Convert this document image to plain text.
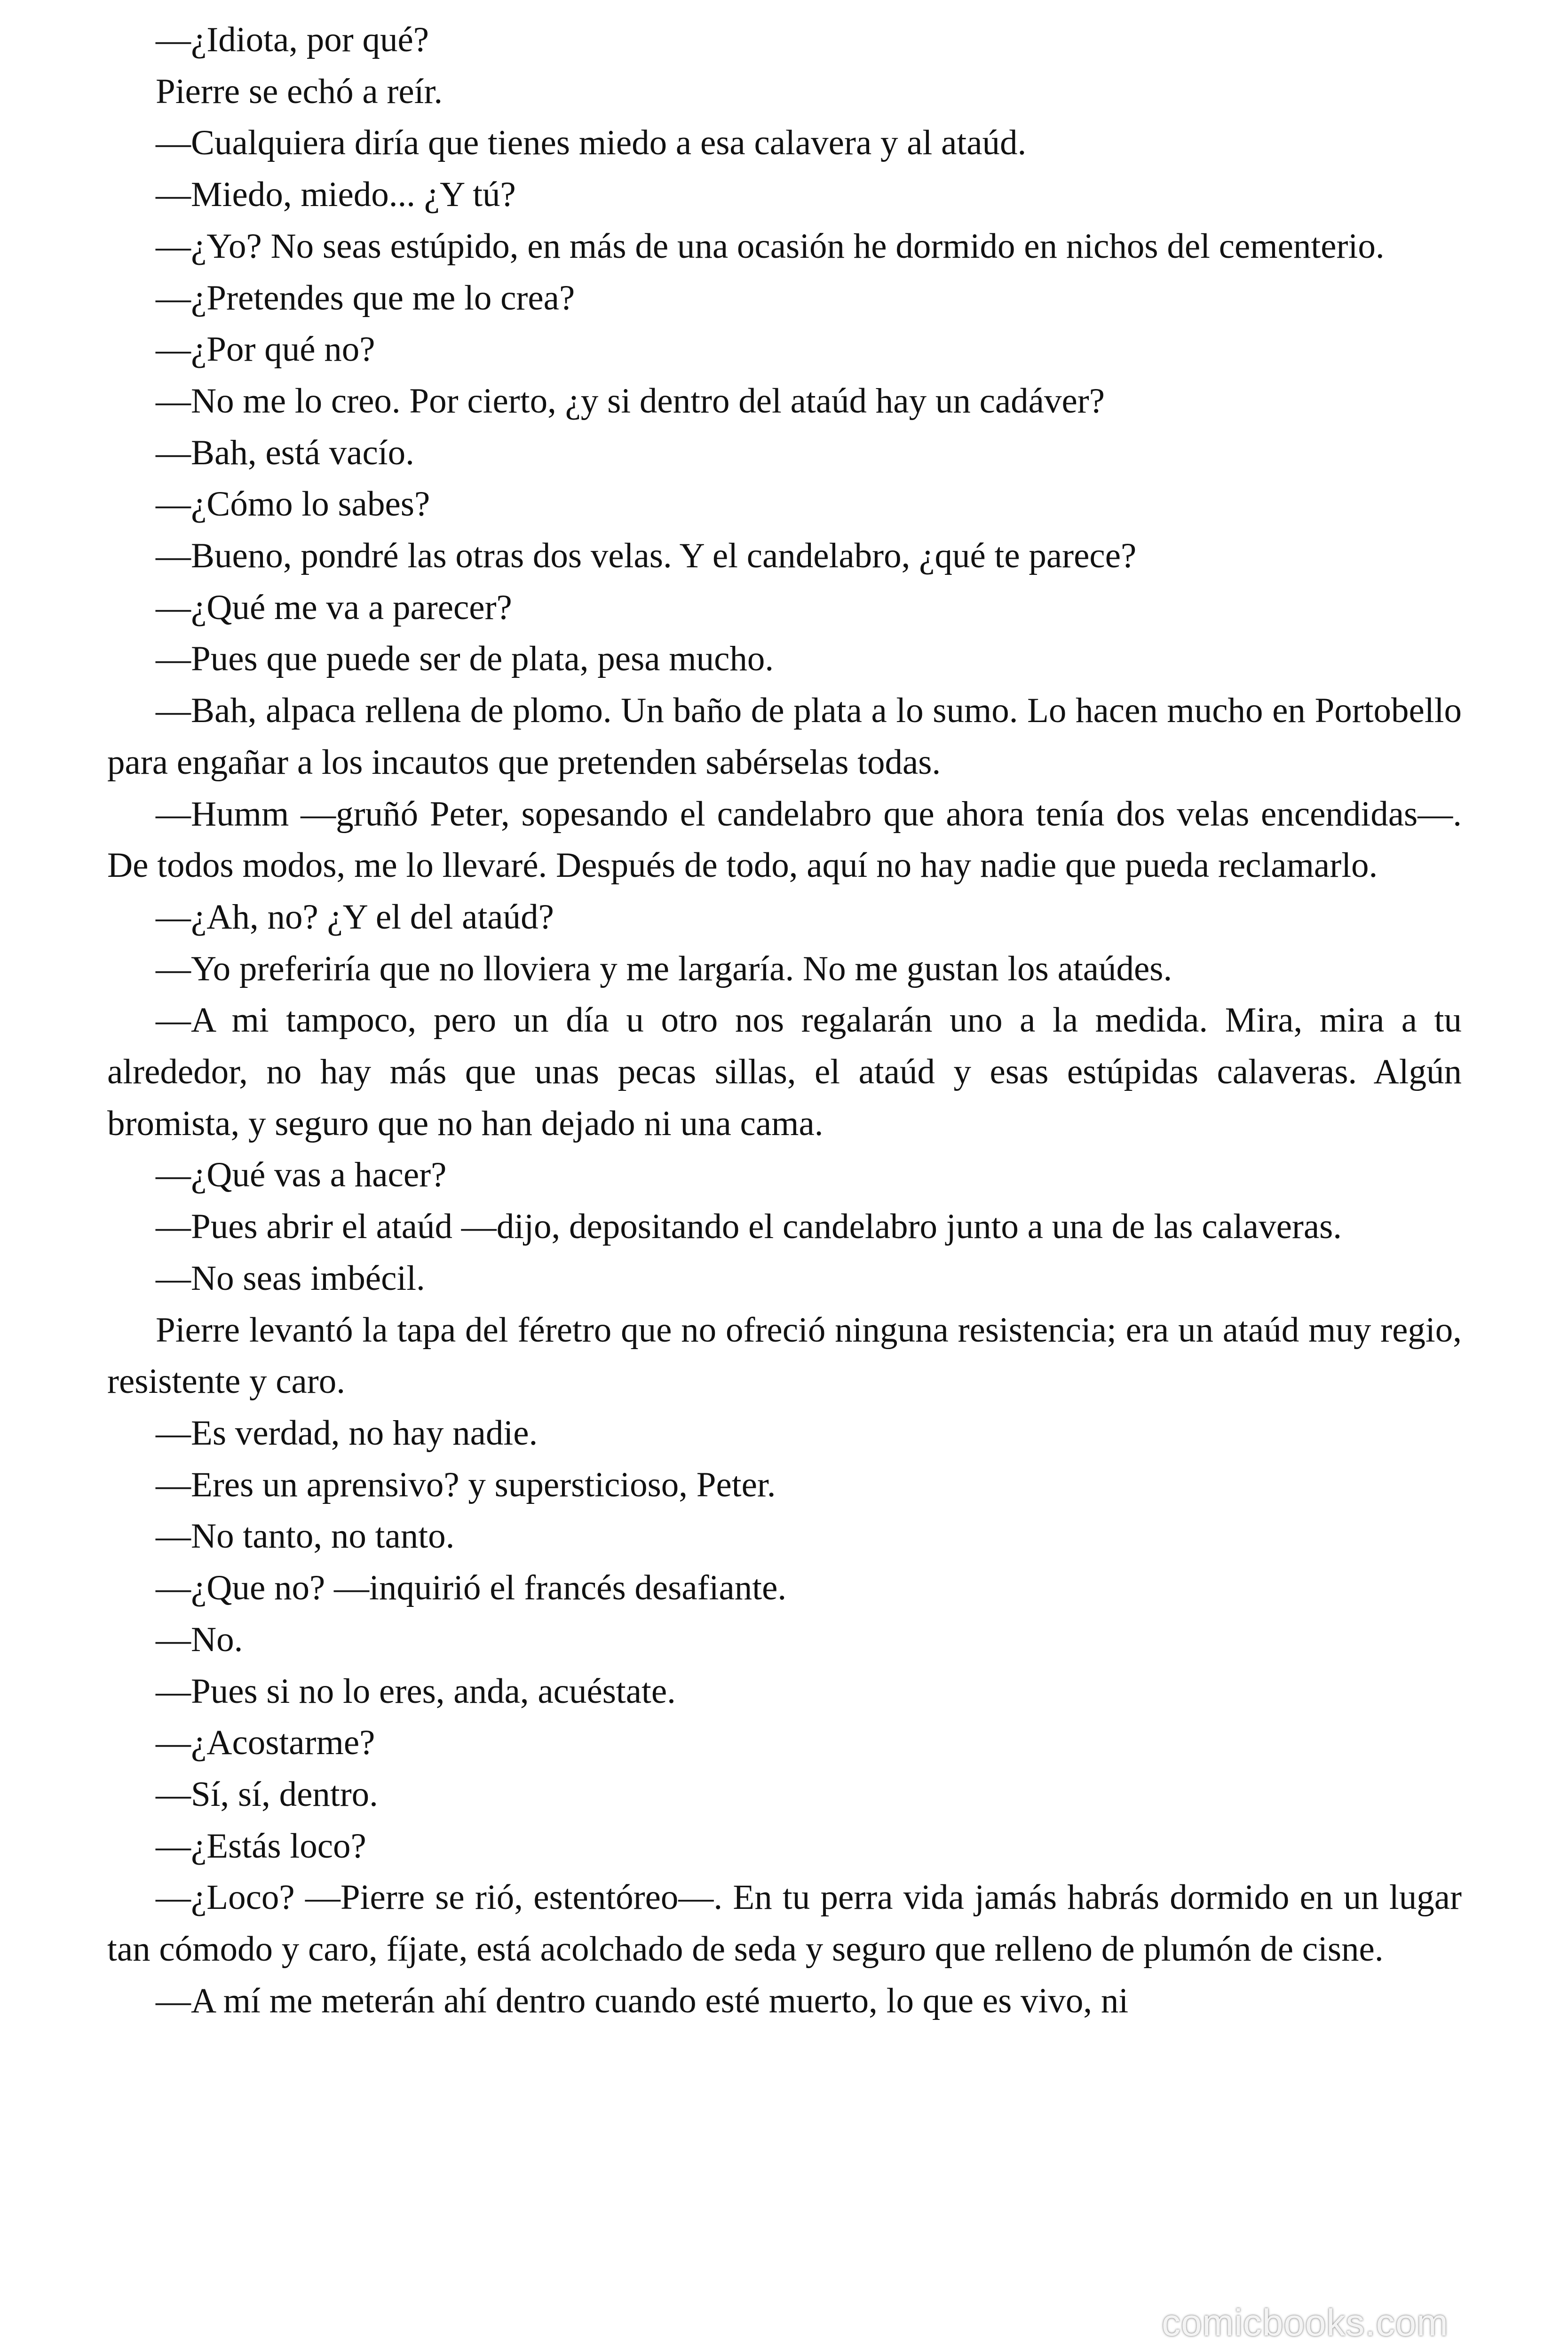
—¿Idiota, por qué?

Pierre se echó a reír.

—Cualquiera diría que tienes miedo a esa calavera y al ataúd.

—Miedo, miedo... ¿Y tú?

—¿Yo? No seas estúpido, en más de una ocasión he dormido en nichos del cementerio.

—¿Pretendes que me lo crea?

—¿Por qué no?

—No me lo creo. Por cierto, ¿y si dentro del ataúd hay un cadáver?

—Bah, está vacío.

—¿Cómo lo sabes?

—Bueno, pondré las otras dos velas. Y el candelabro, ¿qué te parece?

—¿Qué me va a parecer?

—Pues que puede ser de plata, pesa mucho.

—Bah, alpaca rellena de plomo. Un baño de plata a lo sumo. Lo hacen mucho en Portobello para engañar a los incautos que pretenden sabérselas todas.

—Humm —gruñó Peter, sopesando el candelabro que ahora tenía dos velas encendidas—. De todos modos, me lo llevaré. Después de todo, aquí no hay nadie que pueda reclamarlo.

—¿Ah, no? ¿Y el del ataúd?

—Yo preferiría que no lloviera y me largaría. No me gustan los ataúdes.

—A mi tampoco, pero un día u otro nos regalarán uno a la medida. Mira, mira a tu alrededor, no hay más que unas pecas sillas, el ataúd y esas estúpidas calaveras. Algún bromista, y seguro que no han dejado ni una cama.

—¿Qué vas a hacer?

—Pues abrir el ataúd —dijo, depositando el candelabro junto a una de las calaveras.

—No seas imbécil.

Pierre levantó la tapa del féretro que no ofreció ninguna resistencia; era un ataúd muy regio, resistente y caro.

—Es verdad, no hay nadie.

—Eres un aprensivo? y supersticioso, Peter.

—No tanto, no tanto.

—¿Que no? —inquirió el francés desafiante.

—No.

—Pues si no lo eres, anda, acuéstate.

—¿Acostarme?

—Sí, sí, dentro.

—¿Estás loco?

—¿Loco? —Pierre se rió, estentóreo—. En tu perra vida jamás habrás dormido en un lugar tan cómodo y caro, fíjate, está acolchado de seda y seguro que relleno de plumón de cisne.

—A mí me meterán ahí dentro cuando esté muerto, lo que es vivo, ni

comicbooks.com
